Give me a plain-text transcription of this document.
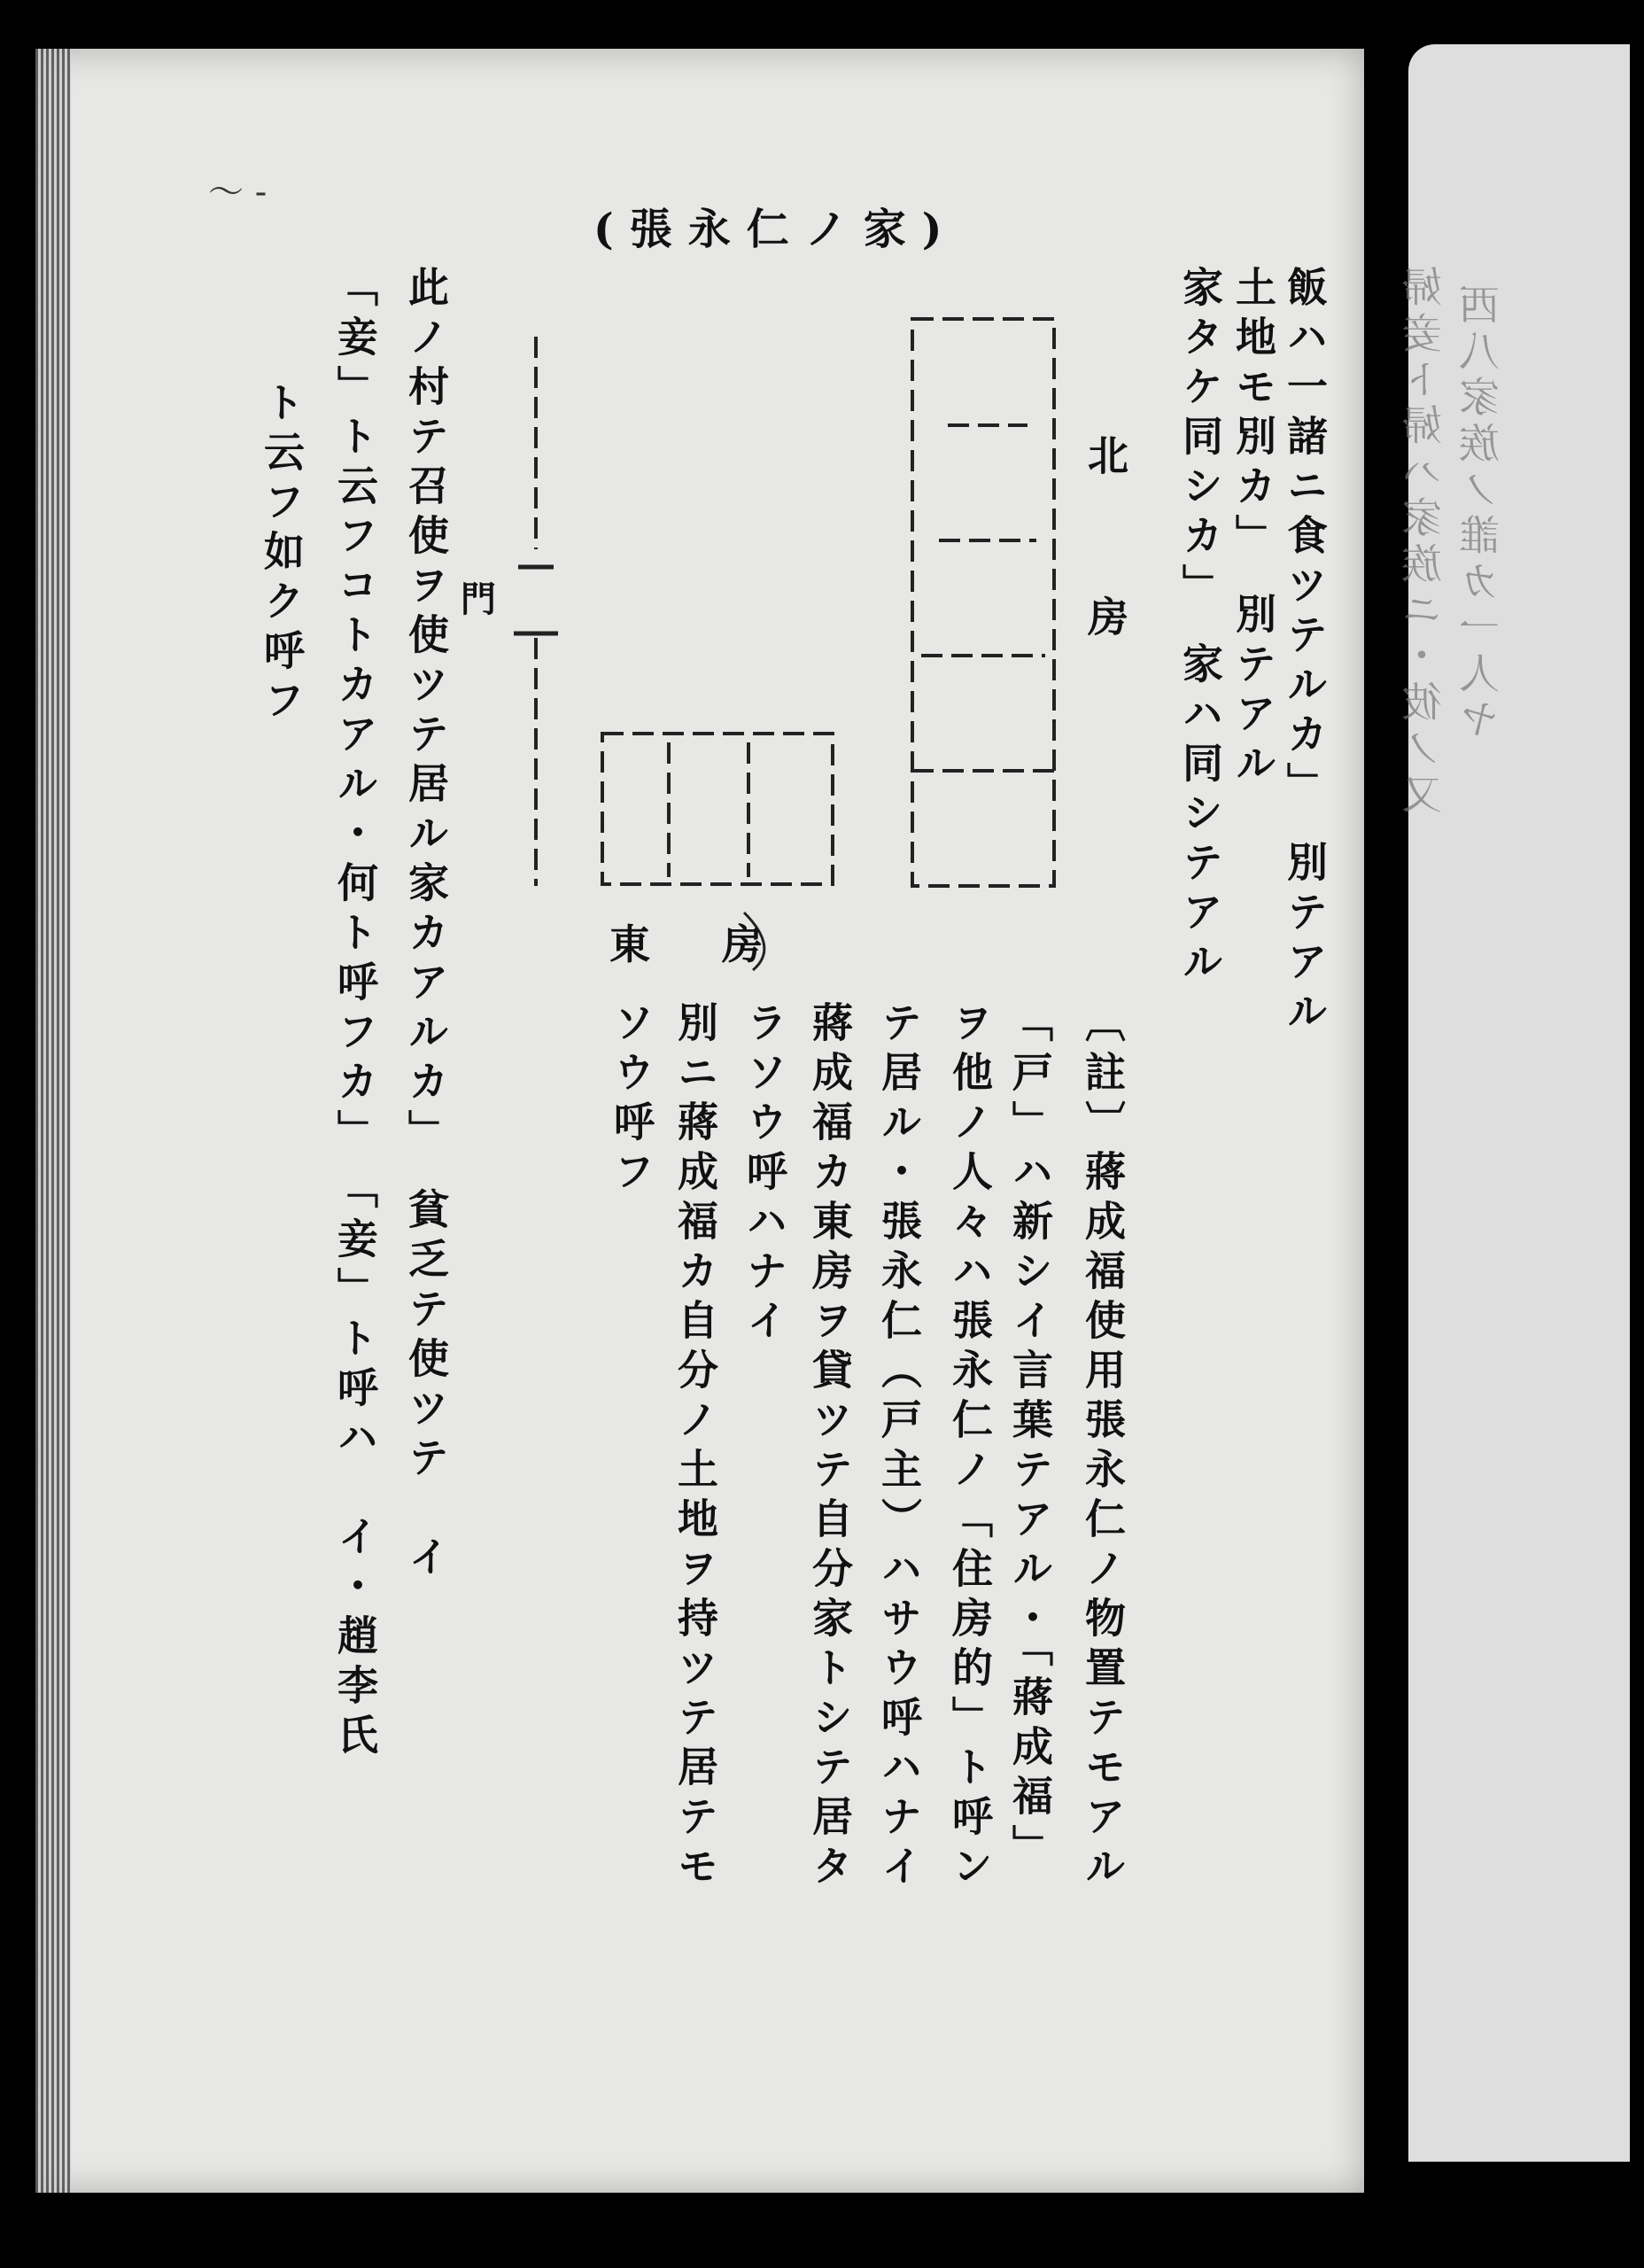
西八家族ノ誰カ一人ヤ
婦妾ト婦ハ家族ニ・彼ノ又
～ -
(張永仁ノ家)
飯ハ一諸ニ食ツテルカ」　別テアル
土地モ別カ」　別テアル
家タケ同シカ」　家ハ同シテアル
〔註〕蔣成福使用張永仁ノ物置テモアル
「戸」ハ新シイ言葉テアル・「蔣成福」
ヲ他ノ人々ハ張永仁ノ「住房的」ト呼ン
テ居ル・張永仁（戸主）ハサウ呼ハナイ
蔣成福カ東房ヲ貸ツテ自分家トシテ居タ
ラソウ呼ハナイ
別ニ蔣成福カ自分ノ土地ヲ持ツテ居テモ
ソウ呼フ
此ノ村テ召使ヲ使ツテ居ル家カアルカ」　貧乏テ使ツテ　イ
「妾」ト云フコトカアル・何ト呼フカ」　「妾」ト呼ハ　イ・趙李氏
ト云フ如ク呼フ	北 房
東 房
門
